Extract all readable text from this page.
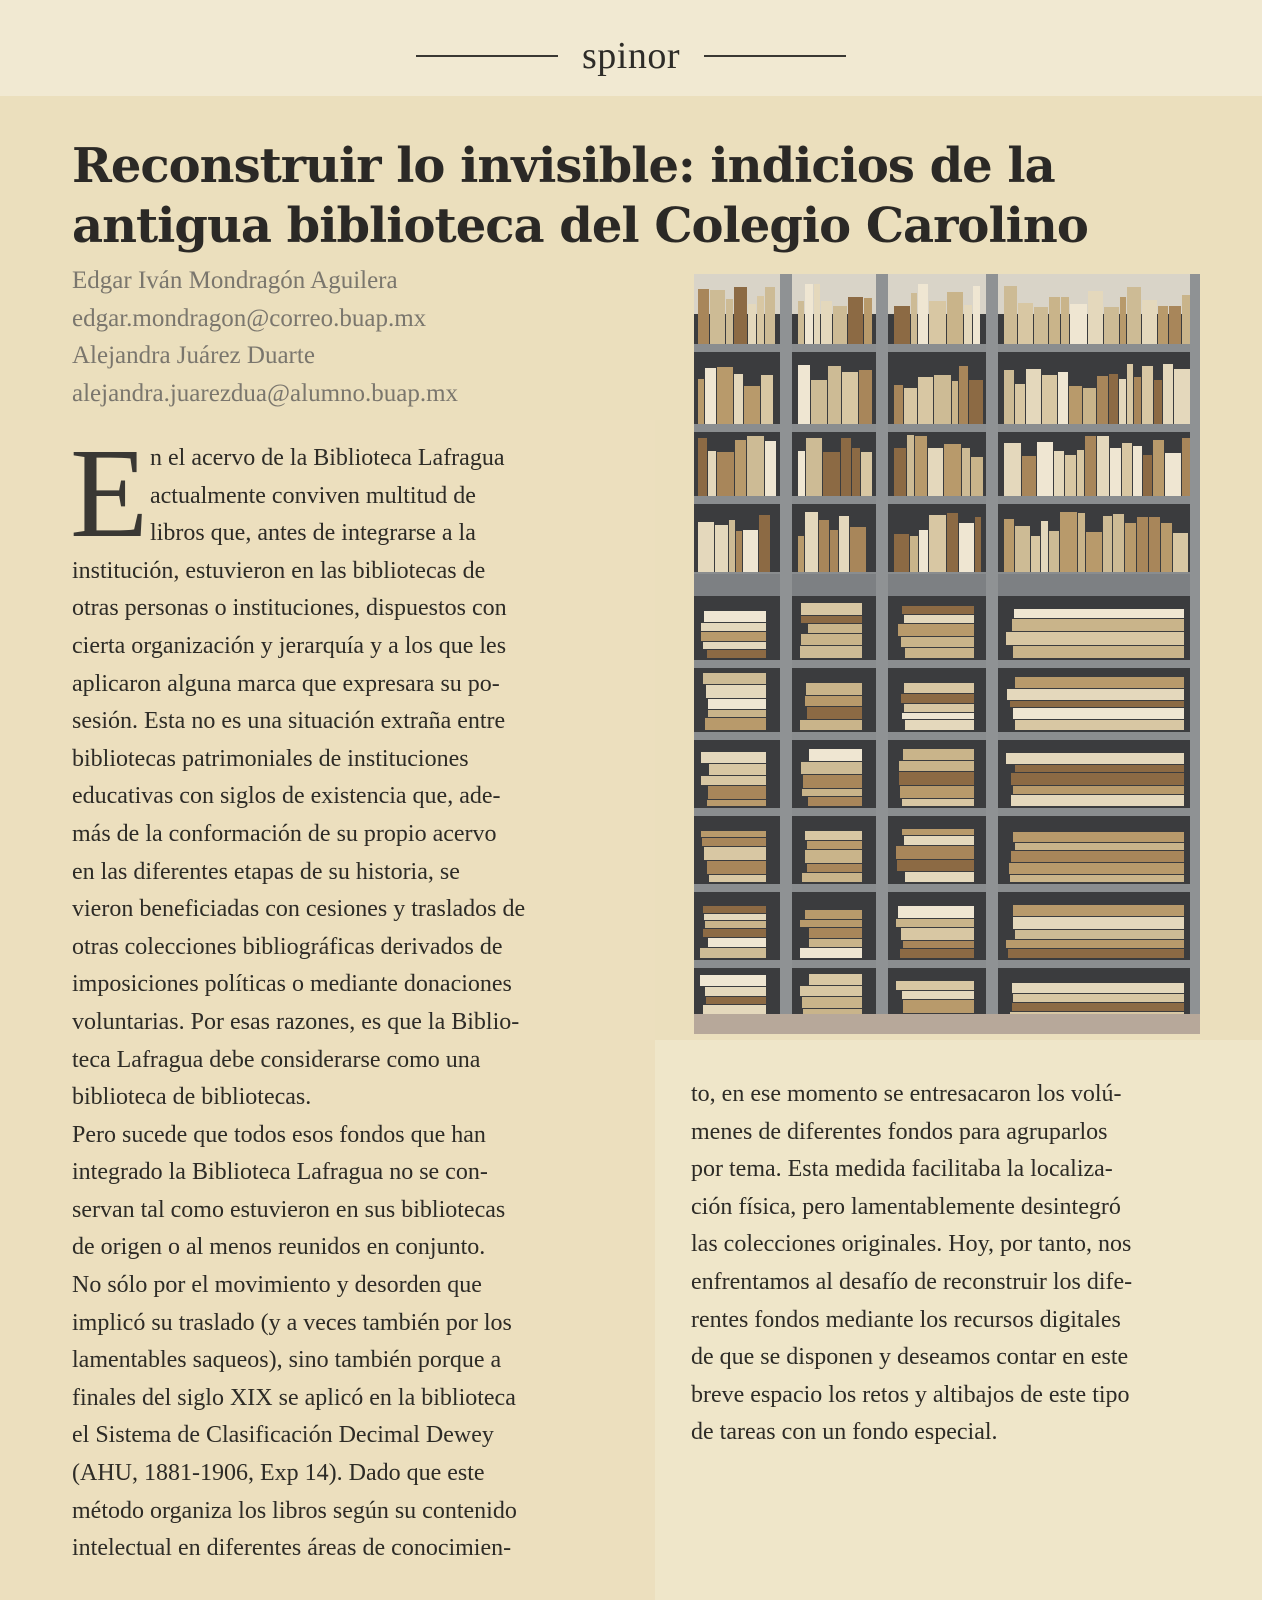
spinor
Reconstruir lo invisible: indicios de la
antigua biblioteca del Colegio Carolino
Edgar Iván Mondragón Aguilera
edgar.mondragon@correo.buap.mx
Alejandra Juárez Duarte
alejandra.juarezdua@alumno.buap.mx
E n el acervo de la Biblioteca Lafragua
actualmente conviven multitud de
libros que, antes de integrarse a la
institución, estuvieron en las bibliotecas de
otras personas o instituciones, dispuestos con
cierta organización y jerarquía y a los que les
aplicaron alguna marca que expresara su po-
sesión. Esta no es una situación extraña entre
bibliotecas patrimoniales de instituciones
educativas con siglos de existencia que, ade-
más de la conformación de su propio acervo
en las diferentes etapas de su historia, se
vieron beneficiadas con cesiones y traslados de
otras colecciones bibliográficas derivados de
imposiciones políticas o mediante donaciones
voluntarias. Por esas razones, es que la Biblio-
teca Lafragua debe considerarse como una
biblioteca de bibliotecas.
Pero sucede que todos esos fondos que han
integrado la Biblioteca Lafragua no se con-
servan tal como estuvieron en sus bibliotecas
de origen o al menos reunidos en conjunto.
No sólo por el movimiento y desorden que
implicó su traslado (y a veces también por los
lamentables saqueos), sino también porque a
finales del siglo XIX se aplicó en la biblioteca
el Sistema de Clasificación Decimal Dewey
(AHU, 1881-1906, Exp 14). Dado que este
método organiza los libros según su contenido
intelectual en diferentes áreas de conocimien-
to, en ese momento se entresacaron los volú-
menes de diferentes fondos para agruparlos
por tema. Esta medida facilitaba la localiza-
ción física, pero lamentablemente desintegró
las colecciones originales. Hoy, por tanto, nos
enfrentamos al desafío de reconstruir los dife-
rentes fondos mediante los recursos digitales
de que se disponen y deseamos contar en este
breve espacio los retos y altibajos de este tipo
de tareas con un fondo especial.
